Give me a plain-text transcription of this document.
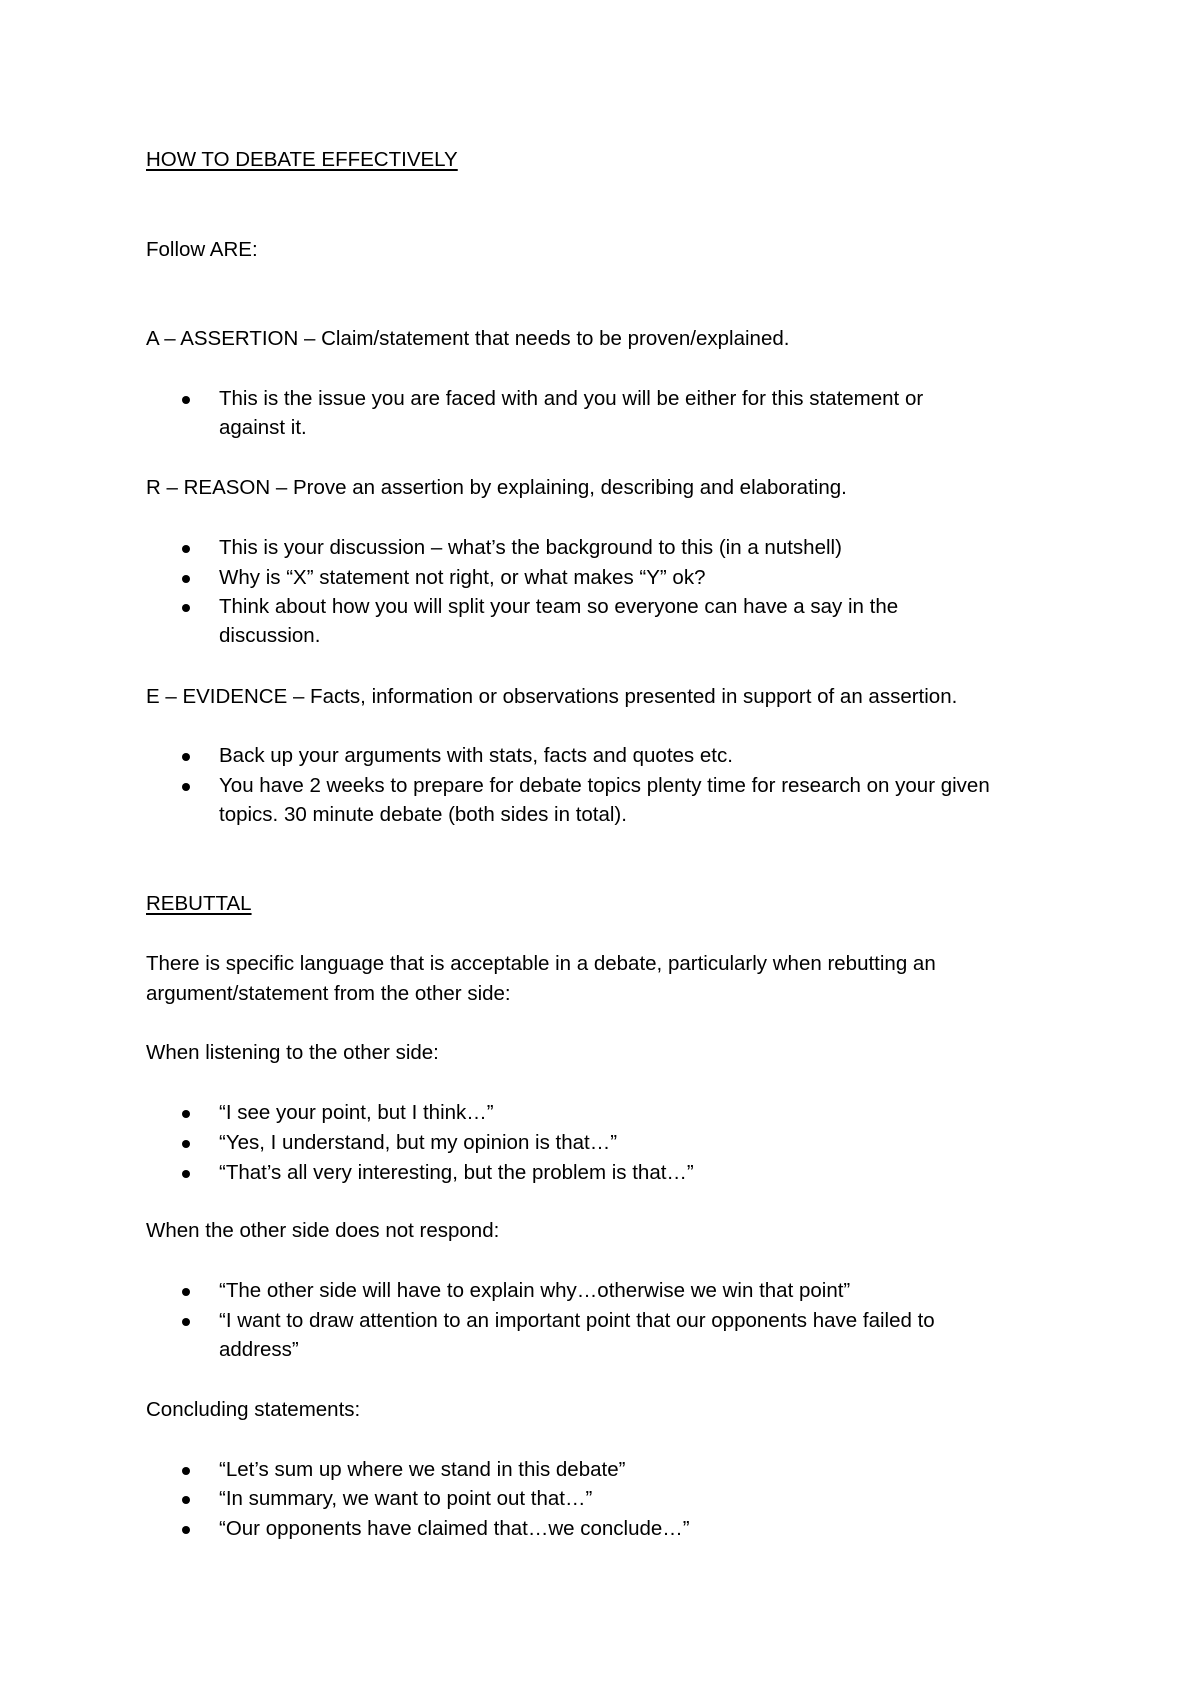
HOW TO DEBATE EFFECTIVELY
Follow ARE:
A – ASSERTION – Claim/statement that needs to be proven/explained.
This is the issue you are faced with and you will be either for this statement or
against it.
R – REASON – Prove an assertion by explaining, describing and elaborating.
This is your discussion – what’s the background to this (in a nutshell)
Why is “X” statement not right, or what makes “Y” ok?
Think about how you will split your team so everyone can have a say in the
discussion.
E – EVIDENCE – Facts, information or observations presented in support of an assertion.
Back up your arguments with stats, facts and quotes etc.
You have 2 weeks to prepare for debate topics plenty time for research on your given
topics. 30 minute debate (both sides in total).
REBUTTAL
There is specific language that is acceptable in a debate, particularly when rebutting an
argument/statement from the other side:
When listening to the other side:
“I see your point, but I think…”
“Yes, I understand, but my opinion is that…”
“That’s all very interesting, but the problem is that…”
When the other side does not respond:
“The other side will have to explain why…otherwise we win that point”
“I want to draw attention to an important point that our opponents have failed to
address”
Concluding statements:
“Let’s sum up where we stand in this debate”
“In summary, we want to point out that…”
“Our opponents have claimed that…we conclude…”
